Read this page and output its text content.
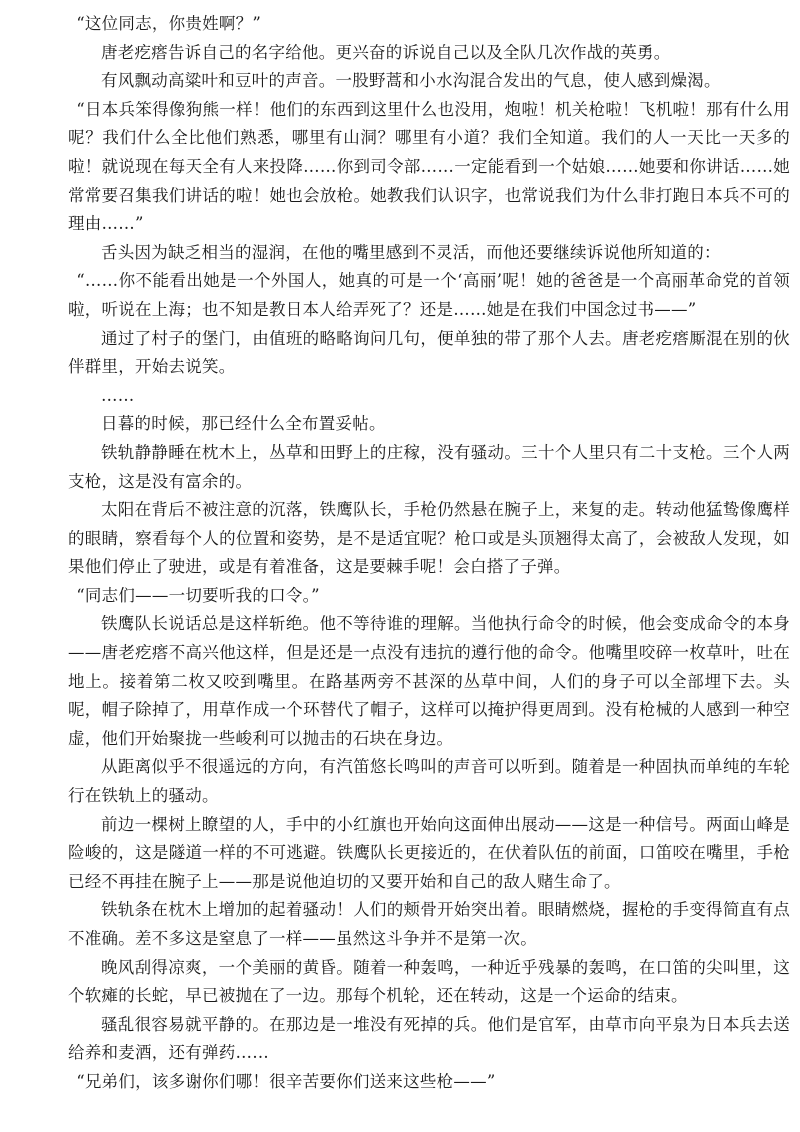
“这位同志，你贵姓啊？”

唐老疙瘩告诉自己的名字给他。更兴奋的诉说自己以及全队几次作战的英勇。

有风飘动高粱叶和豆叶的声音。一股野蒿和小水沟混合发出的气息，使人感到燥渴。

“日本兵笨得像狗熊一样！他们的东西到这里什么也没用，炮啦！机关枪啦！飞机啦！那有什么用呢？我们什么全比他们熟悉，哪里有山洞？哪里有小道？我们全知道。我们的人一天比一天多的啦！就说现在每天全有人来投降……你到司令部……一定能看到一个姑娘……她要和你讲话……她常常要召集我们讲话的啦！她也会放枪。她教我们认识字，也常说我们为什么非打跑日本兵不可的理由……”

舌头因为缺乏相当的湿润，在他的嘴里感到不灵活，而他还要继续诉说他所知道的：

“……你不能看出她是一个外国人，她真的可是一个‘高丽’呢！她的爸爸是一个高丽革命党的首领啦，听说在上海；也不知是教日本人给弄死了？还是……她是在我们中国念过书——”

通过了村子的堡门，由值班的略略询问几句，便单独的带了那个人去。唐老疙瘩厮混在别的伙伴群里，开始去说笑。

……

日暮的时候，那已经什么全布置妥帖。

铁轨静静睡在枕木上，丛草和田野上的庄稼，没有骚动。三十个人里只有二十支枪。三个人两支枪，这是没有富余的。

太阳在背后不被注意的沉落，铁鹰队长，手枪仍然悬在腕子上，来复的走。转动他猛鸷像鹰样的眼睛，察看每个人的位置和姿势，是不是适宜呢？枪口或是头顶翘得太高了，会被敌人发现，如果他们停止了驶进，或是有着准备，这是要棘手呢！会白搭了子弹。

“同志们——一切要听我的口令。”

铁鹰队长说话总是这样斩绝。他不等待谁的理解。当他执行命令的时候，他会变成命令的本身——唐老疙瘩不高兴他这样，但是还是一点没有违抗的遵行他的命令。他嘴里咬碎一枚草叶，吐在地上。接着第二枚又咬到嘴里。在路基两旁不甚深的丛草中间，人们的身子可以全部埋下去。头呢，帽子除掉了，用草作成一个环替代了帽子，这样可以掩护得更周到。没有枪械的人感到一种空虚，他们开始聚拢一些峻利可以抛击的石块在身边。

从距离似乎不很遥远的方向，有汽笛悠长鸣叫的声音可以听到。随着是一种固执而单纯的车轮行在铁轨上的骚动。

前边一棵树上瞭望的人，手中的小红旗也开始向这面伸出展动——这是一种信号。两面山峰是险峻的，这是隧道一样的不可逃避。铁鹰队长更接近的，在伏着队伍的前面，口笛咬在嘴里，手枪已经不再挂在腕子上——那是说他迫切的又要开始和自己的敌人赌生命了。

铁轨条在枕木上增加的起着骚动！人们的颊骨开始突出着。眼睛燃烧，握枪的手变得简直有点不准确。差不多这是窒息了一样——虽然这斗争并不是第一次。

晚风刮得凉爽，一个美丽的黄昏。随着一种轰鸣，一种近乎残暴的轰鸣，在口笛的尖叫里，这个软瘫的长蛇，早已被抛在了一边。那每个机轮，还在转动，这是一个运命的结束。

骚乱很容易就平静的。在那边是一堆没有死掉的兵。他们是官军，由草市向平泉为日本兵去送给养和麦酒，还有弹药……

“兄弟们，该多谢你们哪！很辛苦要你们送来这些枪——”
